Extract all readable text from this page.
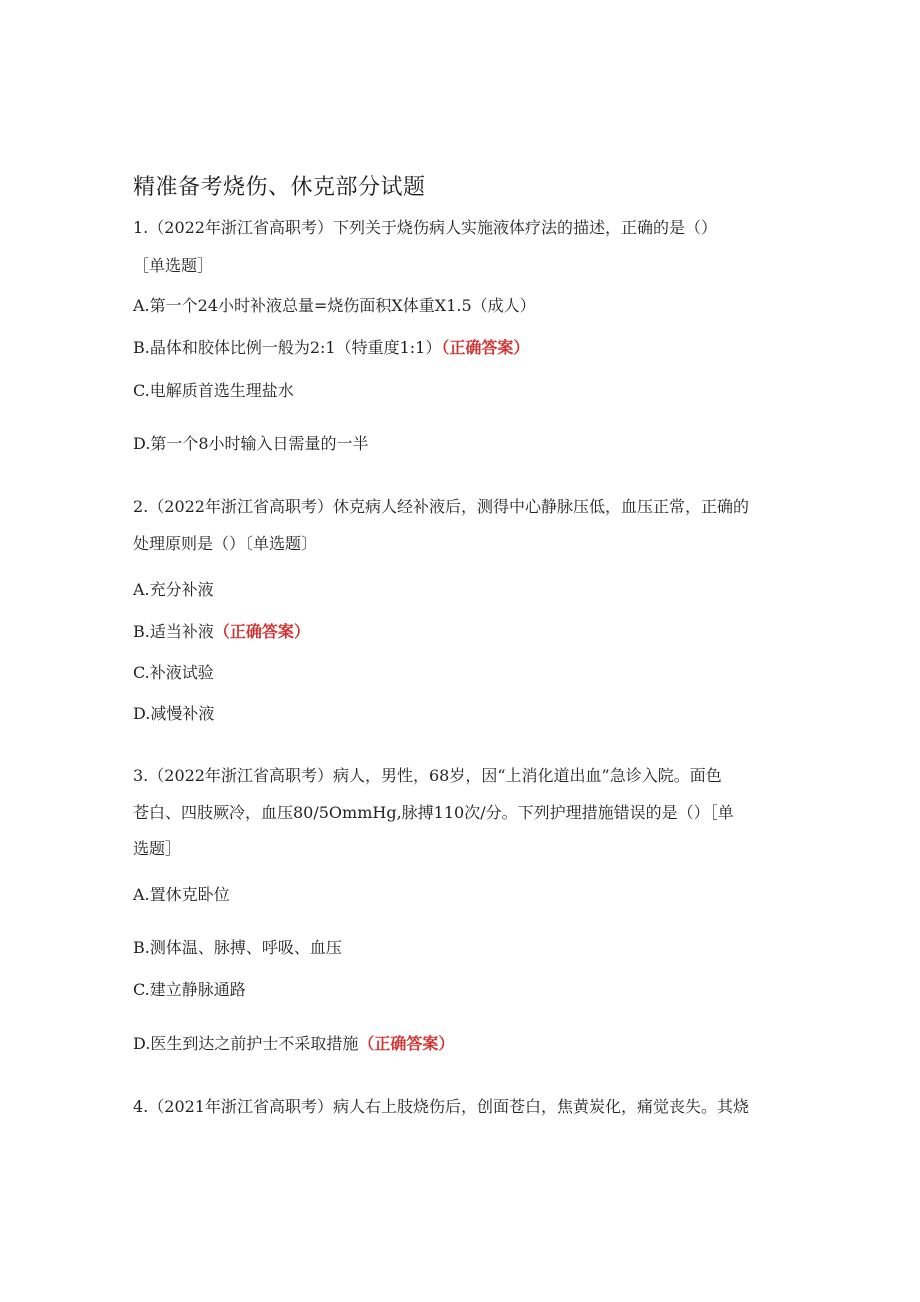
精准备考烧伤、休克部分试题
1.（2022年浙江省高职考）下列关于烧伤病人实施液体疗法的描述，正确的是（）
［单选题］
A.第一个24小时补液总量=烧伤面积X体重X1.5（成人）
B.晶体和胶体比例一般为2:1（特重度1:1）（正确答案）
C.电解质首选生理盐水
D.第一个8小时输入日需量的一半
2.（2022年浙江省高职考）休克病人经补液后，测得中心静脉压低，血压正常，正确的
处理原则是（）〔单选题〕
A.充分补液
B.适当补液（正确答案）
C.补液试验
D.减慢补液
3.（2022年浙江省高职考）病人，男性，68岁，因“上消化道出血”急诊入院。面色
苍白、四肢厥冷，血压80/5OmmHg,脉搏110次/分。下列护理措施错误的是（）［单
选题］
A.置休克卧位
B.测体温、脉搏、呼吸、血压
C.建立静脉通路
D.医生到达之前护士不采取措施（正确答案）
4.（2021年浙江省高职考）病人右上肢烧伤后，创面苍白，焦黄炭化，痛觉丧失。其烧
